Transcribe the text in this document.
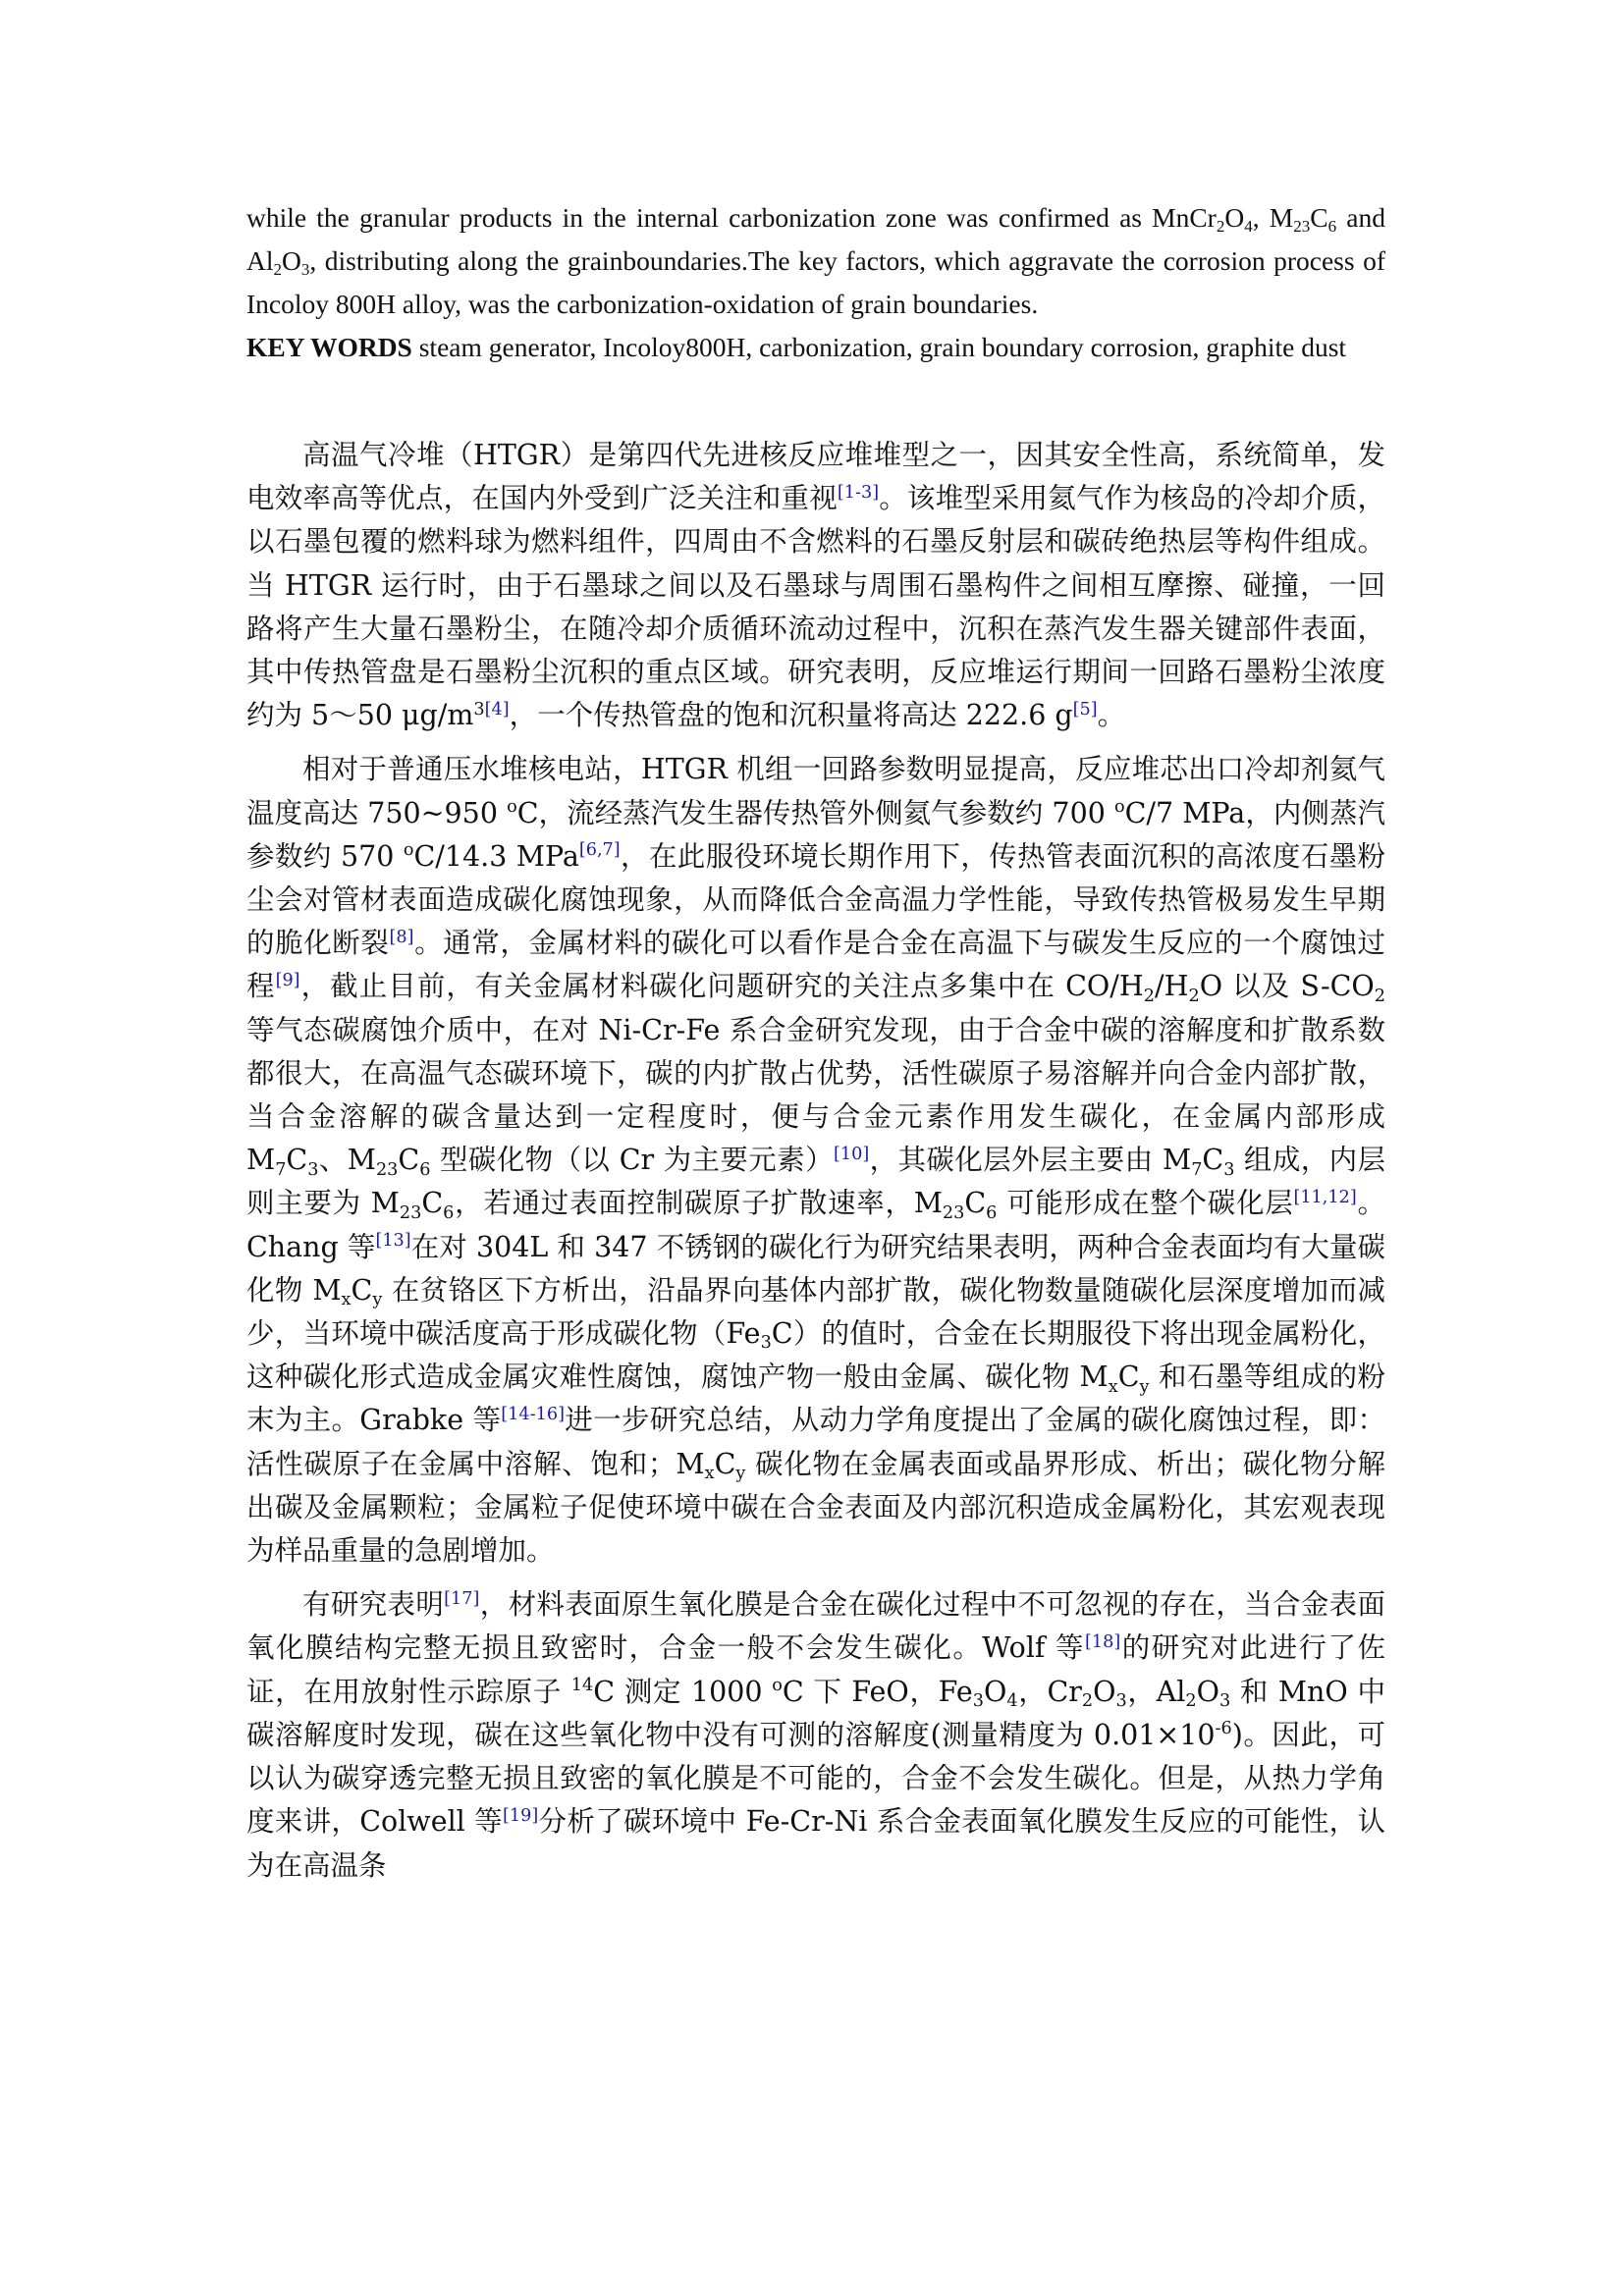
while the granular products in the internal carbonization zone was confirmed as $MnCr_2O_4$, $M_{23}C_6$ and $Al_2O_3$, distributing along the grainboundaries.The key factors, which aggravate the corrosion process of Incoloy 800H alloy, was the carbonization-oxidation of grain boundaries.

KEY WORDS steam generator, Incoloy800H, carbonization, grain boundary corrosion, graphite dust

高温气冷堆（HTGR）是第四代先进核反应堆堆型之一，因其安全性高，系统简单，发电效率高等优点，在国内外受到广泛关注和重视[1-3]。该堆型采用氦气作为核岛的冷却介质，以石墨包覆的燃料球为燃料组件，四周由不含燃料的石墨反射层和碳砖绝热层等构件组成。当 HTGR 运行时，由于石墨球之间以及石墨球与周围石墨构件之间相互摩擦、碰撞，一回路将产生大量石墨粉尘，在随冷却介质循环流动过程中，沉积在蒸汽发生器关键部件表面，其中传热管盘是石墨粉尘沉积的重点区域。研究表明，反应堆运行期间一回路石墨粉尘浓度约为 5～50 μg/m$^{3[4]}$，一个传热管盘的饱和沉积量将高达 222.6 g[5]。

相对于普通压水堆核电站，HTGR 机组一回路参数明显提高，反应堆芯出口冷却剂氦气温度高达 750~950 $^o$C，流经蒸汽发生器传热管外侧氦气参数约 700 $^o$C/7 MPa，内侧蒸汽参数约 570 $^o$C/14.3 MPa[6,7]，在此服役环境长期作用下，传热管表面沉积的高浓度石墨粉尘会对管材表面造成碳化腐蚀现象，从而降低合金高温力学性能，导致传热管极易发生早期的脆化断裂[8]。通常，金属材料的碳化可以看作是合金在高温下与碳发生反应的一个腐蚀过程[9]，截止目前，有关金属材料碳化问题研究的关注点多集中在 $CO/H_2/H_2O$ 以及 $S-CO_2$ 等气态碳腐蚀介质中，在对 Ni-Cr-Fe 系合金研究发现，由于合金中碳的溶解度和扩散系数都很大，在高温气态碳环境下，碳的内扩散占优势，活性碳原子易溶解并向合金内部扩散，当合金溶解的碳含量达到一定程度时，便与合金元素作用发生碳化，在金属内部形成 $M_7C_3$、$M_{23}C_6$ 型碳化物（以 Cr 为主要元素）[10]，其碳化层外层主要由 $M_7C_3$ 组成，内层则主要为 $M_{23}C_6$，若通过表面控制碳原子扩散速率，$M_{23}C_6$ 可能形成在整个碳化层[11,12]。Chang 等[13]在对 304L 和 347 不锈钢的碳化行为研究结果表明，两种合金表面均有大量碳化物 $M_xC_y$ 在贫铬区下方析出，沿晶界向基体内部扩散，碳化物数量随碳化层深度增加而减少，当环境中碳活度高于形成碳化物$(Fe_3C)$的值时，合金在长期服役下将出现金属粉化，这种碳化形式造成金属灾难性腐蚀，腐蚀产物一般由金属、碳化物 $M_xC_y$ 和石墨等组成的粉末为主。Grabke 等[14-16]进一步研究总结，从动力学角度提出了金属的碳化腐蚀过程，即：活性碳原子在金属中溶解、饱和；$M_xC_y$ 碳化物在金属表面或晶界形成、析出；碳化物分解出碳及金属颗粒；金属粒子促使环境中碳在合金表面及内部沉积造成金属粉化，其宏观表现为样品重量的急剧增加。

有研究表明[17]，材料表面原生氧化膜是合金在碳化过程中不可忽视的存在，当合金表面氧化膜结构完整无损且致密时，合金一般不会发生碳化。Wolf 等[18]的研究对此进行了佐证，在用放射性示踪原子 $^{14}$C 测定 1000 $^o$C 下 FeO，$Fe_3O_4$，$Cr_2O_3$，$Al_2O_3$ 和 MnO 中碳溶解度时发现，碳在这些氧化物中没有可测的溶解度(测量精度为 $0.01\times 10^{-6}$)。因此，可以认为碳穿透完整无损且致密的氧化膜是不可能的，合金不会发生碳化。但是，从热力学角度来讲，Colwell 等[19]分析了碳环境中 Fe-Cr-Ni 系合金表面氧化膜发生反应的可能性，认为在高温条
